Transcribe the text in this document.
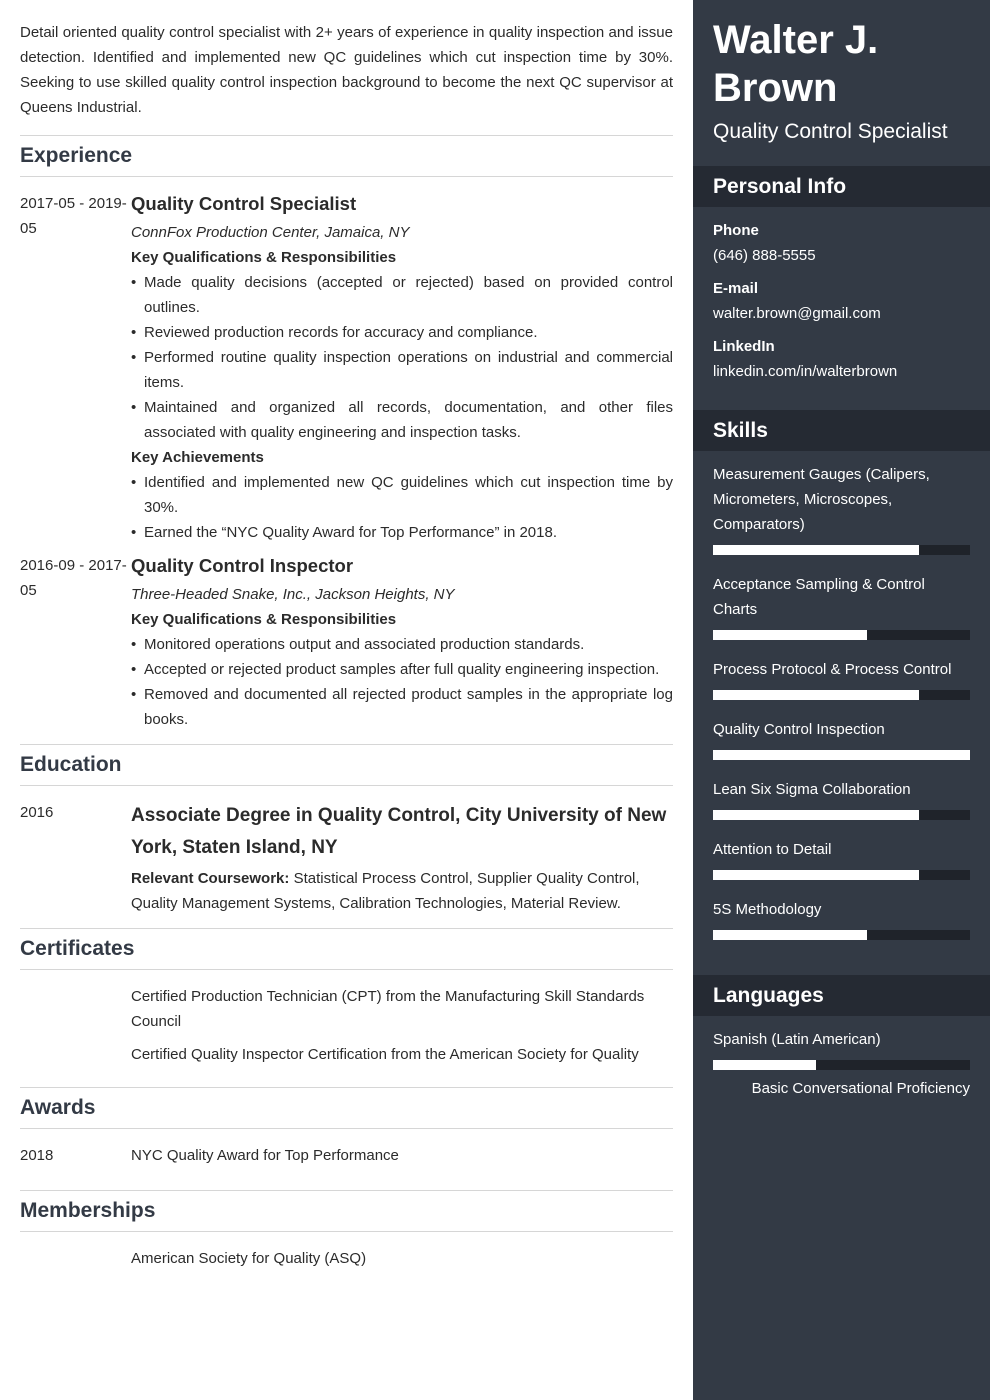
Detail oriented quality control specialist with 2+ years of experience in quality inspection and issue detection. Identified and implemented new QC guidelines which cut inspection time by 30%. Seeking to use skilled quality control inspection background to become the next QC supervisor at Queens Industrial.

Experience
2017-05 - 2019-05
Quality Control Specialist
ConnFox Production Center, Jamaica, NY
Key Qualifications & Responsibilities
• Made quality decisions (accepted or rejected) based on provided control outlines.
• Reviewed production records for accuracy and compliance.
• Performed routine quality inspection operations on industrial and commercial items.
• Maintained and organized all records, documentation, and other files associated with quality engineering and inspection tasks.
Key Achievements
• Identified and implemented new QC guidelines which cut inspection time by 30%.
• Earned the “NYC Quality Award for Top Performance” in 2018.
2016-09 - 2017-05
Quality Control Inspector
Three-Headed Snake, Inc., Jackson Heights, NY
Key Qualifications & Responsibilities
• Monitored operations output and associated production standards.
• Accepted or rejected product samples after full quality engineering inspection.
• Removed and documented all rejected product samples in the appropriate log books.
Education
2016	Associate Degree in Quality Control, City University of New York, Staten Island, NY
Relevant Coursework: Statistical Process Control, Supplier Quality Control, Quality Management Systems, Calibration Technologies, Material Review.
Certificates
Certified Production Technician (CPT) from the Manufacturing Skill Standards Council
Certified Quality Inspector Certification from the American Society for Quality
Awards
2018	NYC Quality Award for Top Performance
Memberships
American Society for Quality (ASQ)
Walter J. Brown
Quality Control Specialist
Personal Info
Phone
(646) 888-5555
E-mail
walter.brown@gmail.com
LinkedIn
linkedin.com/in/walterbrown
Skills
Measurement Gauges (Calipers, Micrometers, Microscopes, Comparators)
Acceptance Sampling & Control Charts
Process Protocol & Process Control
Quality Control Inspection
Lean Six Sigma Collaboration
Attention to Detail
5S Methodology
Languages
Spanish (Latin American)
Basic Conversational Proficiency
